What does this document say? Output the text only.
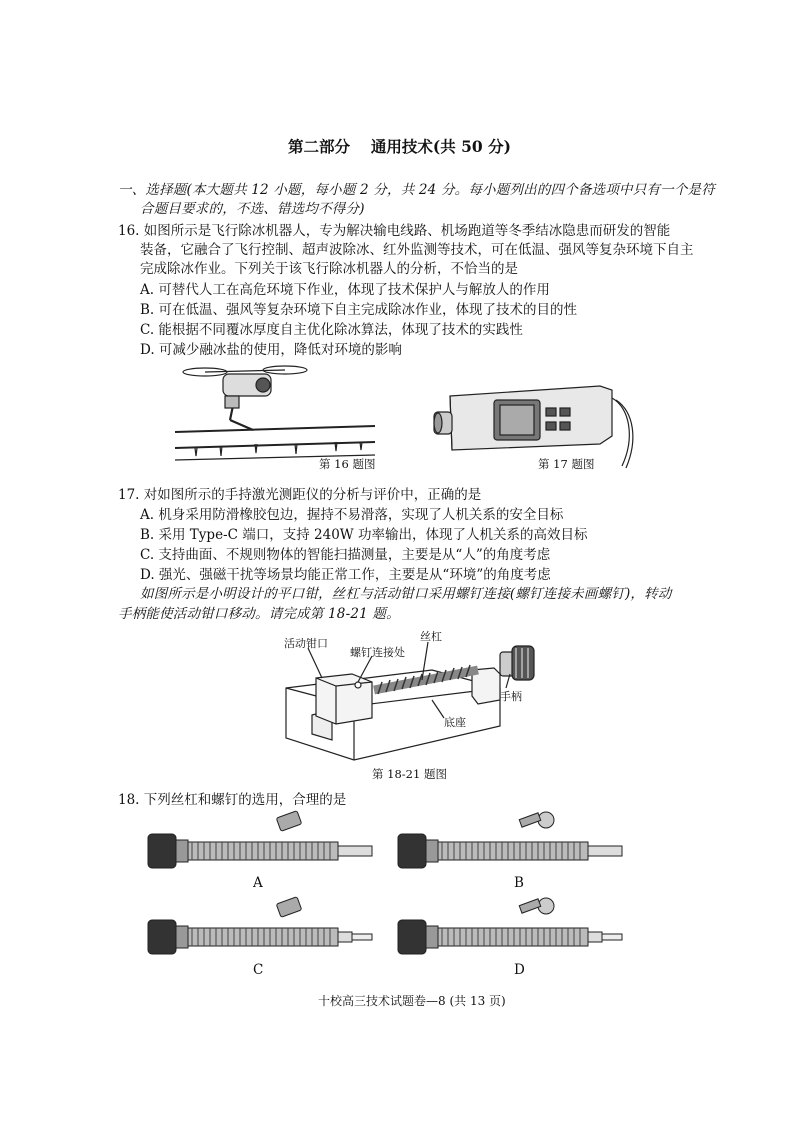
第二部分　 通用技术(共 50 分)
一、选择题(本大题共 12 小题，每小题 2 分，共 24 分。每小题列出的四个备选项中只有一个是符
合题目要求的，不选、错选均不得分)
16. 如图所示是飞行除冰机器人，专为解决输电线路、机场跑道等冬季结冰隐患而研发的智能
装备，它融合了飞行控制、超声波除冰、红外监测等技术，可在低温、强风等复杂环境下自主
完成除冰作业。下列关于该飞行除冰机器人的分析，不恰当的是
A. 可替代人工在高危环境下作业，体现了技术保护人与解放人的作用
B. 可在低温、强风等复杂环境下自主完成除冰作业，体现了技术的目的性
C. 能根据不同覆冰厚度自主优化除冰算法，体现了技术的实践性
D. 可减少融冰盐的使用，降低对环境的影响
第 16 题图	第 17 题图
17. 对如图所示的手持激光测距仪的分析与评价中，正确的是
A. 机身采用防滑橡胶包边，握持不易滑落，实现了人机关系的安全目标
B. 采用 Type-C 端口，支持 240W 功率输出，体现了人机关系的高效目标
C. 支持曲面、不规则物体的智能扫描测量，主要是从“人”的角度考虑
D. 强光、强磁干扰等场景均能正常工作，主要是从“环境”的角度考虑
如图所示是小明设计的平口钳，丝杠与活动钳口采用螺钉连接(螺钉连接未画螺钉)，转动
手柄能使活动钳口移动。请完成第 18-21 题。
活动钳口
螺钉连接处
丝杠
手柄
底座
第 18-21 题图
18. 下列丝杠和螺钉的选用，合理的是
A	B
C	D
十校高三技术试题卷—8 (共 13 页)
